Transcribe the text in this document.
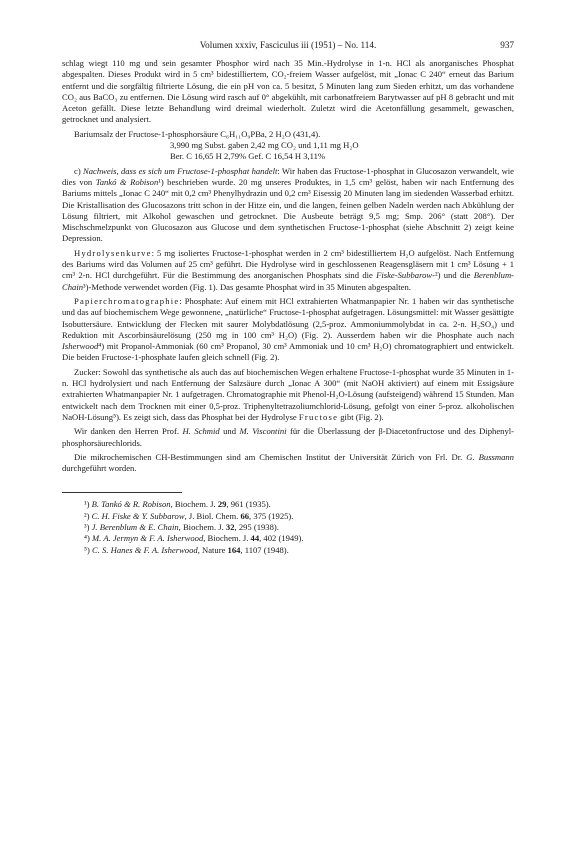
Volumen xxxiv, Fasciculus iii (1951) – No. 114.	937

schlag wiegt 110 mg und sein gesamter Phosphor wird nach 35 Min.-Hydrolyse in 1-n. HCl als anorganisches Phosphat abgespalten. Dieses Produkt wird in 5 cm³ bidestilliertem, CO₂-freiem Wasser aufgelöst, mit „Ionac C 240“ erneut das Barium entfernt und die sorgfältig filtrierte Lösung, die ein pH von ca. 5 besitzt, 5 Minuten lang zum Sieden erhitzt, um das vorhandene CO₂ aus BaCO₃ zu entfernen. Die Lösung wird rasch auf 0° abgekühlt, mit carbonatfreiem Barytwasser auf pH 8 gebracht und mit Aceton gefällt. Diese letzte Behandlung wird dreimal wiederholt. Zuletzt wird die Acetonfällung gesammelt, gewaschen, getrocknet und analysiert.

Bariumsalz der Fructose-1-phosphorsäure C₆H₁₁O₉PBa, 2 H₂O (431,4).

3,990 mg Subst. gaben 2,42 mg CO₂ und 1,11 mg H₂O

Ber. C 16,65 H 2,79% Gef. C 16,54 H 3,11%

c) Nachweis, dass es sich um Fructose-1-phosphat handelt: Wir haben das Fructose-1-phosphat in Glucosazon verwandelt, wie dies von Tankó & Robison¹) beschrieben wurde. 20 mg unseres Produktes, in 1,5 cm³ gelöst, haben wir nach Entfernung des Bariums mittels „Ionac C 240“ mit 0,2 cm³ Phenylhydrazin und 0,2 cm³ Eisessig 20 Minuten lang im siedenden Wasserbad erhitzt. Die Kristallisation des Glucosazons tritt schon in der Hitze ein, und die langen, feinen gelben Nadeln werden nach Abkühlung der Lösung filtriert, mit Alkohol gewaschen und getrocknet. Die Ausbeute beträgt 9,5 mg; Smp. 206° (statt 208°). Der Mischschmelzpunkt von Glucosazon aus Glucose und dem synthetischen Fructose-1-phosphat (siehe Abschnitt 2) zeigt keine Depression.

Hydrolysenkurve: 5 mg isoliertes Fructose-1-phosphat werden in 2 cm³ bidestilliertem H₂O aufgelöst. Nach Entfernung des Bariums wird das Volumen auf 25 cm³ geführt. Die Hydrolyse wird in geschlossenen Reagensgläsern mit 1 cm³ Lösung + 1 cm³ 2-n. HCl durchgeführt. Für die Bestimmung des anorganischen Phosphats sind die Fiske-Subbarow-²) und die Berenblum-Chain³)-Methode verwendet worden (Fig. 1). Das gesamte Phosphat wird in 35 Minuten abgespalten.

Papierchromatographie: Phosphate: Auf einem mit HCl extrahierten Whatmanpapier Nr. 1 haben wir das synthetische und das auf biochemischem Wege gewonnene, „natürliche“ Fructose-1-phosphat aufgetragen. Lösungsmittel: mit Wasser gesättigte Isobuttersäure. Entwicklung der Flecken mit saurer Molybdatlösung (2,5-proz. Ammoniummolybdat in ca. 2-n. H₂SO₄) und Reduktion mit Ascorbinsäurelösung (250 mg in 100 cm³ H₂O) (Fig. 2). Ausserdem haben wir die Phosphate auch nach Isherwood⁴) mit Propanol-Ammoniak (60 cm³ Propanol, 30 cm³ Ammoniak und 10 cm³ H₂O) chromatographiert und entwickelt. Die beiden Fructose-1-phosphate laufen gleich schnell (Fig. 2).

Zucker: Sowohl das synthetische als auch das auf biochemischen Wegen erhaltene Fructose-1-phosphat wurde 35 Minuten in 1-n. HCl hydrolysiert und nach Entfernung der Salzsäure durch „Ionac A 300“ (mit NaOH aktiviert) auf einem mit Essigsäure extrahierten Whatmanpapier Nr. 1 aufgetragen. Chromatographie mit Phenol-H₂O-Lösung (aufsteigend) während 15 Stunden. Man entwickelt nach dem Trocknen mit einer 0,5-proz. Triphenyltetrazoliumchlorid-Lösung, gefolgt von einer 5-proz. alkoholischen NaOH-Lösung⁵). Es zeigt sich, dass das Phosphat bei der Hydrolyse Fructose gibt (Fig. 2).

Wir danken den Herren Prof. H. Schmid und M. Viscontini für die Überlassung der β-Diacetonfructose und des Diphenyl-phosphorsäurechlorids.

Die mikrochemischen CH-Bestimmungen sind am Chemischen Institut der Universität Zürich von Frl. Dr. G. Bussmann durchgeführt worden.

¹) B. Tankó & R. Robison, Biochem. J. 29, 961 (1935).

²) C. H. Fiske & Y. Subbarow, J. Biol. Chem. 66, 375 (1925).

³) J. Berenblum & E. Chain, Biochem. J. 32, 295 (1938).

⁴) M. A. Jermyn & F. A. Isherwood, Biochem. J. 44, 402 (1949).

⁵) C. S. Hanes & F. A. Isherwood, Nature 164, 1107 (1948).
